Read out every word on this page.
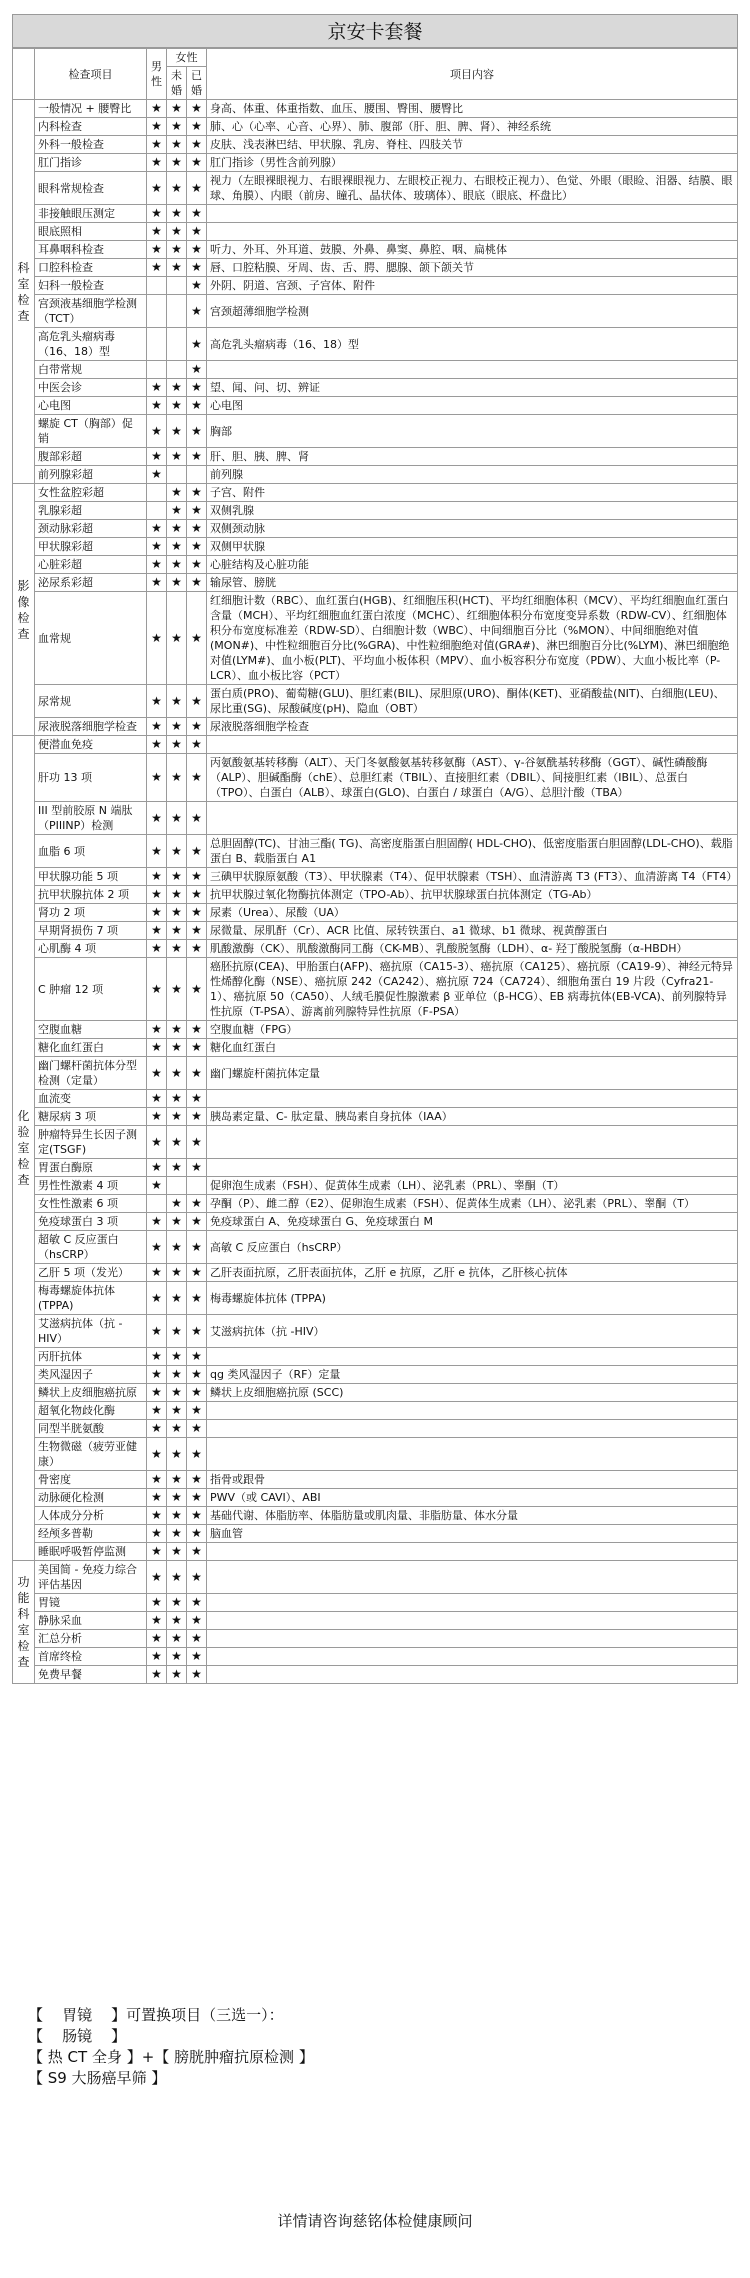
京安卡套餐
	检查项目	男性	女性		项目内容
			未婚	已婚	
科室检查	一般情况 + 腰臀比	★	★	★	身高、体重、体重指数、血压、腰围、臀围、腰臀比
	内科检查	★	★	★	肺、心（心率、心音、心界）、肺、腹部（肝、胆、脾、肾）、神经系统
	外科一般检查	★	★	★	皮肤、浅表淋巴结、甲状腺、乳房、脊柱、四肢关节
	肛门指诊	★	★	★	肛门指诊（男性含前列腺）
	眼科常规检查	★	★	★	视力（左眼裸眼视力、右眼裸眼视力、左眼校正视力、右眼校正视力）、色觉、外眼（眼睑、泪器、结膜、眼球、角膜）、内眼（前房、瞳孔、晶状体、玻璃体）、眼底（眼底、杯盘比）
	非接触眼压测定	★	★	★	
	眼底照相	★	★	★	
	耳鼻咽科检查	★	★	★	听力、外耳、外耳道、鼓膜、外鼻、鼻窦、鼻腔、咽、扁桃体
	口腔科检查	★	★	★	唇、口腔粘膜、牙周、齿、舌、腭、腮腺、颌下颌关节
	妇科一般检查			★	外阴、阴道、宫颈、子宫体、附件
	宫颈液基细胞学检测（TCT）			★	宫颈超薄细胞学检测
	高危乳头瘤病毒（16、18）型			★	高危乳头瘤病毒（16、18）型
	白带常规			★	
	中医会诊	★	★	★	望、闻、问、切、辨证
	心电图	★	★	★	心电图
	螺旋 CT（胸部）促销	★	★	★	胸部
	腹部彩超	★	★	★	肝、胆、胰、脾、肾
	前列腺彩超	★			前列腺
影像检查	女性盆腔彩超		★	★	子宫、附件
	乳腺彩超		★	★	双侧乳腺
	颈动脉彩超	★	★	★	双侧颈动脉
	甲状腺彩超	★	★	★	双侧甲状腺
	心脏彩超	★	★	★	心脏结构及心脏功能
	泌尿系彩超	★	★	★	输尿管、膀胱
	血常规	★	★	★	红细胞计数（RBC）、血红蛋白(HGB)、红细胞压积(HCT)、平均红细胞体积（MCV）、平均红细胞血红蛋白含量（MCH）、平均红细胞血红蛋白浓度（MCHC）、红细胞体积分布宽度变异系数（RDW-CV）、红细胞体积分布宽度标准差（RDW-SD）、白细胞计数（WBC）、中间细胞百分比（%MON）、中间细胞绝对值(MON#)、中性粒细胞百分比(%GRA)、中性粒细胞绝对值(GRA#)、淋巴细胞百分比(%LYM)、淋巴细胞绝对值(LYM#)、血小板(PLT)、平均血小板体积（MPV）、血小板容积分布宽度（PDW）、大血小板比率（P-LCR）、血小板比容（PCT）
	尿常规	★	★	★	蛋白质(PRO)、葡萄糖(GLU)、胆红素(BIL)、尿胆原(URO)、酮体(KET)、亚硝酸盐(NIT)、白细胞(LEU)、尿比重(SG)、尿酸碱度(pH)、隐血（OBT）
	尿液脱落细胞学检查	★	★	★	尿液脱落细胞学检查
化验室检查	便潜血免疫	★	★	★	
	肝功 13 项	★	★	★	丙氨酸氨基转移酶（ALT）、天门冬氨酸氨基转移氨酶（AST）、γ-谷氨酰基转移酶（GGT）、碱性磷酸酶（ALP）、胆碱酯酶（chE）、总胆红素（TBIL）、直接胆红素（DBIL）、间接胆红素（IBIL）、总蛋白（TPO）、白蛋白（ALB）、球蛋白(GLO)、白蛋白 / 球蛋白（A/G）、总胆汁酸（TBA）
	III 型前胶原 N 端肽（PIIINP）检测	★	★	★	
	血脂 6 项	★	★	★	总胆固醇(TC)、甘油三酯( TG)、高密度脂蛋白胆固醇( HDL-CHO)、低密度脂蛋白胆固醇(LDL-CHO)、载脂蛋白 B、载脂蛋白 A1
	甲状腺功能 5 项	★	★	★	三碘甲状腺原氨酸（T3）、甲状腺素（T4）、促甲状腺素（TSH）、血清游离 T3 (FT3）、血清游离 T4（FT4）
	抗甲状腺抗体 2 项	★	★	★	抗甲状腺过氧化物酶抗体测定（TPO-Ab）、抗甲状腺球蛋白抗体测定（TG-Ab）
	肾功 2 项	★	★	★	尿素（Urea）、尿酸（UA）
	早期肾损伤 7 项	★	★	★	尿微量、尿肌酐（Cr）、ACR 比值、尿转铁蛋白、a1 微球、b1 微球、视黄醇蛋白
	心肌酶 4 项	★	★	★	肌酸激酶（CK）、肌酸激酶同工酶（CK-MB）、乳酸脱氢酶（LDH）、α- 羟丁酸脱氢酶（α-HBDH）
	C 肿瘤 12 项	★	★	★	癌胚抗原(CEA)、甲胎蛋白(AFP)、癌抗原（CA15-3）、癌抗原（CA125）、癌抗原（CA19-9）、神经元特异性烯醇化酶（NSE）、癌抗原 242（CA242）、癌抗原 724（CA724）、细胞角蛋白 19 片段（Cyfra21-1）、癌抗原 50（CA50）、人绒毛膜促性腺激素 β 亚单位（β-HCG）、EB 病毒抗体(EB-VCA)、前列腺特异性抗原（T-PSA）、游离前列腺特异性抗原（F-PSA）
	空腹血糖	★	★	★	空腹血糖（FPG）
	糖化血红蛋白	★	★	★	糖化血红蛋白
	幽门螺杆菌抗体分型检测（定量）	★	★	★	幽门螺旋杆菌抗体定量
	血流变	★	★	★	
	糖尿病 3 项	★	★	★	胰岛素定量、C- 肽定量、胰岛素自身抗体（IAA）
	肿瘤特异生长因子测定(TSGF)	★	★	★	
	胃蛋白酶原	★	★	★	
	男性性激素 4 项	★			促卵泡生成素（FSH）、促黄体生成素（LH）、泌乳素（PRL）、睾酮（T）
	女性性激素 6 项		★	★	孕酮（P）、雌二醇（E2）、促卵泡生成素（FSH）、促黄体生成素（LH）、泌乳素（PRL）、睾酮（T）
	免疫球蛋白 3 项	★	★	★	免疫球蛋白 A、免疫球蛋白 G、免疫球蛋白 M
	超敏 C 反应蛋白（hsCRP）	★	★	★	高敏 C 反应蛋白（hsCRP）
	乙肝 5 项（发光）	★	★	★	乙肝表面抗原，乙肝表面抗体，乙肝 e 抗原，乙肝 e 抗体，乙肝核心抗体
	梅毒螺旋体抗体(TPPA)	★	★	★	梅毒螺旋体抗体 (TPPA)
	艾滋病抗体（抗 -HIV）	★	★	★	艾滋病抗体（抗 -HIV）
	丙肝抗体	★	★	★	
	类风湿因子	★	★	★	qg 类风湿因子（RF）定量
	鳞状上皮细胞癌抗原	★	★	★	鳞状上皮细胞癌抗原 (SCC)
	超氧化物歧化酶	★	★	★	
	同型半胱氨酸	★	★	★	
	生物微磁（疲劳亚健康）	★	★	★	
	骨密度	★	★	★	指骨或跟骨
	动脉硬化检测	★	★	★	PWV（或 CAVI）、ABI
	人体成分分析	★	★	★	基础代谢、体脂肪率、体脂肪量或肌肉量、非脂肪量、体水分量
	经颅多普勒	★	★	★	脑血管
	睡眠呼吸暂停监测	★	★	★	
功能科室检查	美国简 - 免疫力综合评估基因	★	★	★	
	胃镜	★	★	★	
	静脉采血	★	★	★	
	汇总分析	★	★	★	
	首席终检	★	★	★	
	免费早餐	★	★	★	
【    胃镜    】可置换项目（三选一）：
【    肠镜    】
【 热 CT 全身 】+【 膀胱肿瘤抗原检测 】
【 S9 大肠癌早筛 】
详情请咨询慈铭体检健康顾问
